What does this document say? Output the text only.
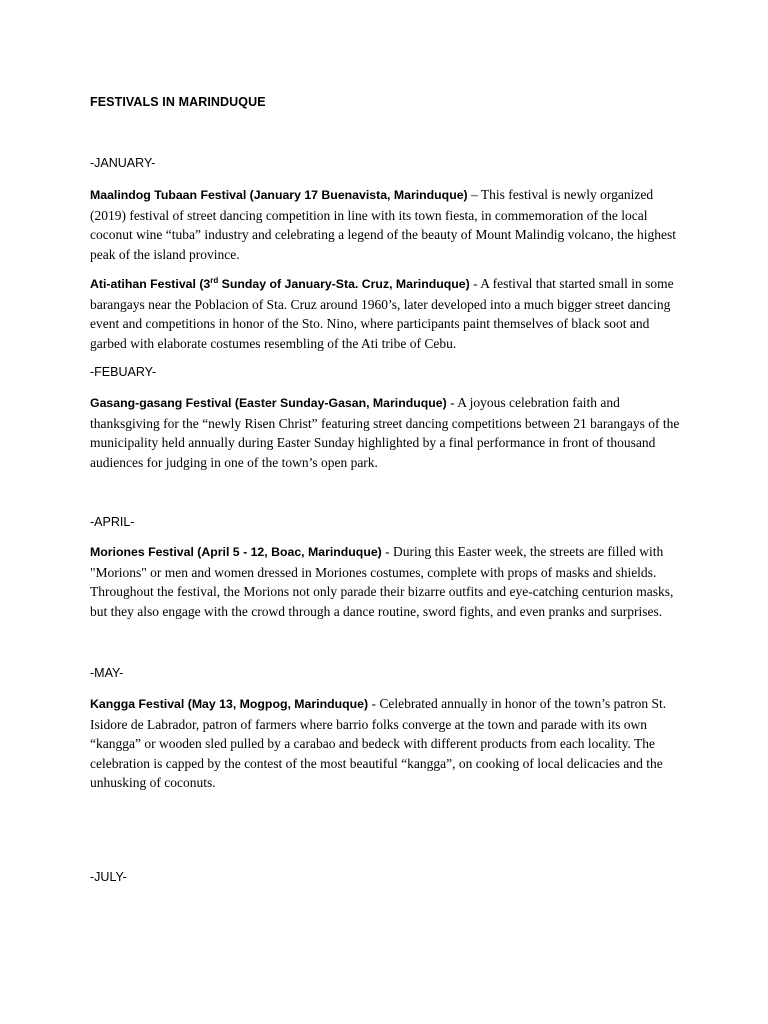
FESTIVALS IN MARINDUQUE
-JANUARY-

Maalindog Tubaan Festival (January 17 Buenavista, Marinduque) – This festival is newly organized (2019) festival of street dancing competition in line with its town fiesta, in commemoration of the local coconut wine “tuba” industry and celebrating a legend of the beauty of Mount Malindig volcano, the highest peak of the island province.

Ati-atihan Festival (3rd Sunday of January-Sta. Cruz, Marinduque) - A festival that started small in some barangays near the Poblacion of Sta. Cruz around 1960’s, later developed into a much bigger street dancing event and competitions in honor of the Sto. Nino, where participants paint themselves of black soot and garbed with elaborate costumes resembling of the Ati tribe of Cebu.

-FEBUARY-

Gasang-gasang Festival (Easter Sunday-Gasan, Marinduque) - A joyous celebration faith and thanksgiving for the “newly Risen Christ” featuring street dancing competitions between 21 barangays of the municipality held annually during Easter Sunday highlighted by a final performance in front of thousand audiences for judging in one of the town’s open park.

-APRIL-

Moriones Festival (April 5 - 12, Boac, Marinduque) - During this Easter week, the streets are filled with "Morions" or men and women dressed in Moriones costumes, complete with props of masks and shields. Throughout the festival, the Morions not only parade their bizarre outfits and eye-catching centurion masks, but they also engage with the crowd through a dance routine, sword fights, and even pranks and surprises.

-MAY-

Kangga Festival (May 13, Mogpog, Marinduque) - Celebrated annually in honor of the town’s patron St. Isidore de Labrador, patron of farmers where barrio folks converge at the town and parade with its own “kangga” or wooden sled pulled by a carabao and bedeck with different products from each locality. The celebration is capped by the contest of the most beautiful “kangga”, on cooking of local delicacies and the unhusking of coconuts.

-JULY-
